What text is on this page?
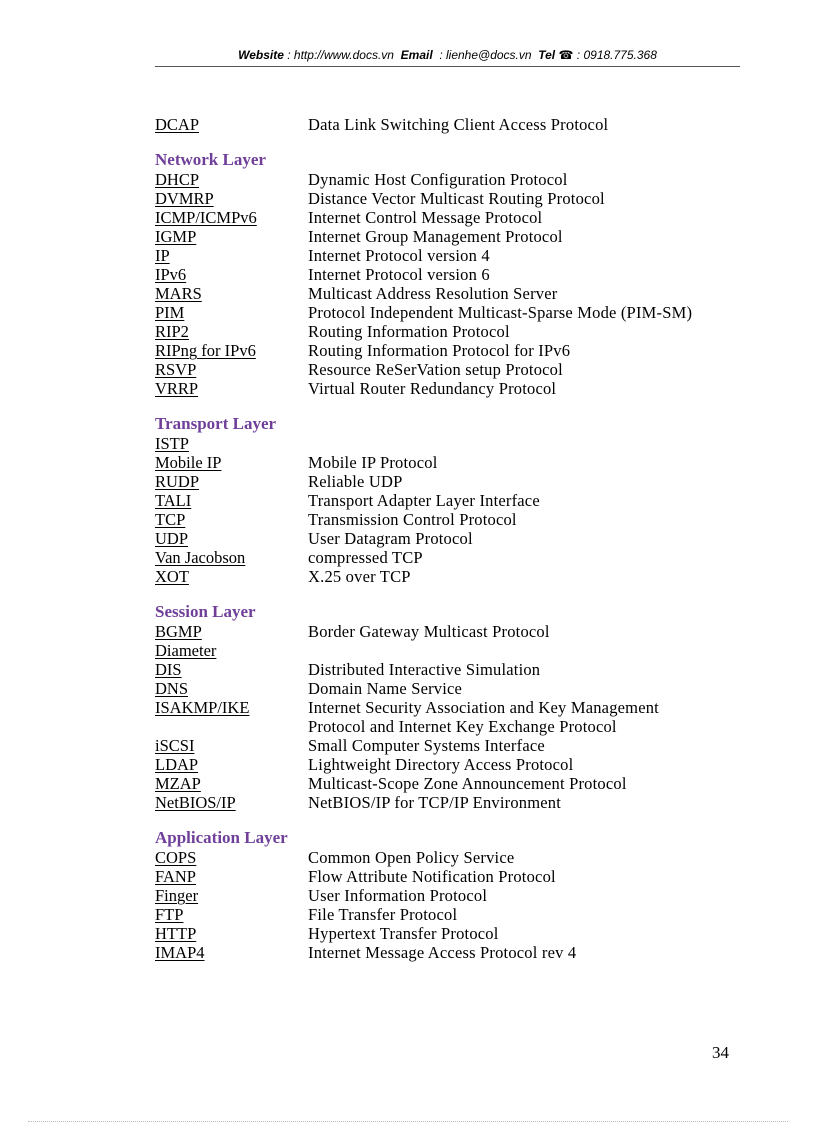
Website : http://www.docs.vn Email  : lienhe@docs.vn Tel ☎ : 0918.775.368
DCAP	Data Link Switching Client Access Protocol
Network Layer
DHCP	Dynamic Host Configuration Protocol
DVMRP	Distance Vector Multicast Routing Protocol
ICMP/ICMPv6	Internet Control Message Protocol
IGMP	Internet Group Management Protocol
IP	Internet Protocol version 4
IPv6	Internet Protocol version 6
MARS	Multicast Address Resolution Server
PIM	Protocol Independent Multicast-Sparse Mode (PIM-SM)
RIP2	Routing Information Protocol
RIPng for IPv6	Routing Information Protocol for IPv6
RSVP	Resource ReSerVation setup Protocol
VRRP	Virtual Router Redundancy Protocol
Transport Layer
ISTP
Mobile IP	Mobile IP Protocol
RUDP	Reliable UDP
TALI	Transport Adapter Layer Interface
TCP	Transmission Control Protocol
UDP	User Datagram Protocol
Van Jacobson	compressed TCP
XOT	X.25 over TCP
Session Layer
BGMP	Border Gateway Multicast Protocol
Diameter
DIS	Distributed Interactive Simulation
DNS	Domain Name Service
ISAKMP/IKE	Internet Security Association and Key Management Protocol and Internet Key Exchange Protocol
iSCSI	Small Computer Systems Interface
LDAP	Lightweight Directory Access Protocol
MZAP	Multicast-Scope Zone Announcement Protocol
NetBIOS/IP	NetBIOS/IP for TCP/IP Environment
Application Layer
COPS	Common Open Policy Service
FANP	Flow Attribute Notification Protocol
Finger	User Information Protocol
FTP	File Transfer Protocol
HTTP	Hypertext Transfer Protocol
IMAP4	Internet Message Access Protocol rev 4
34
